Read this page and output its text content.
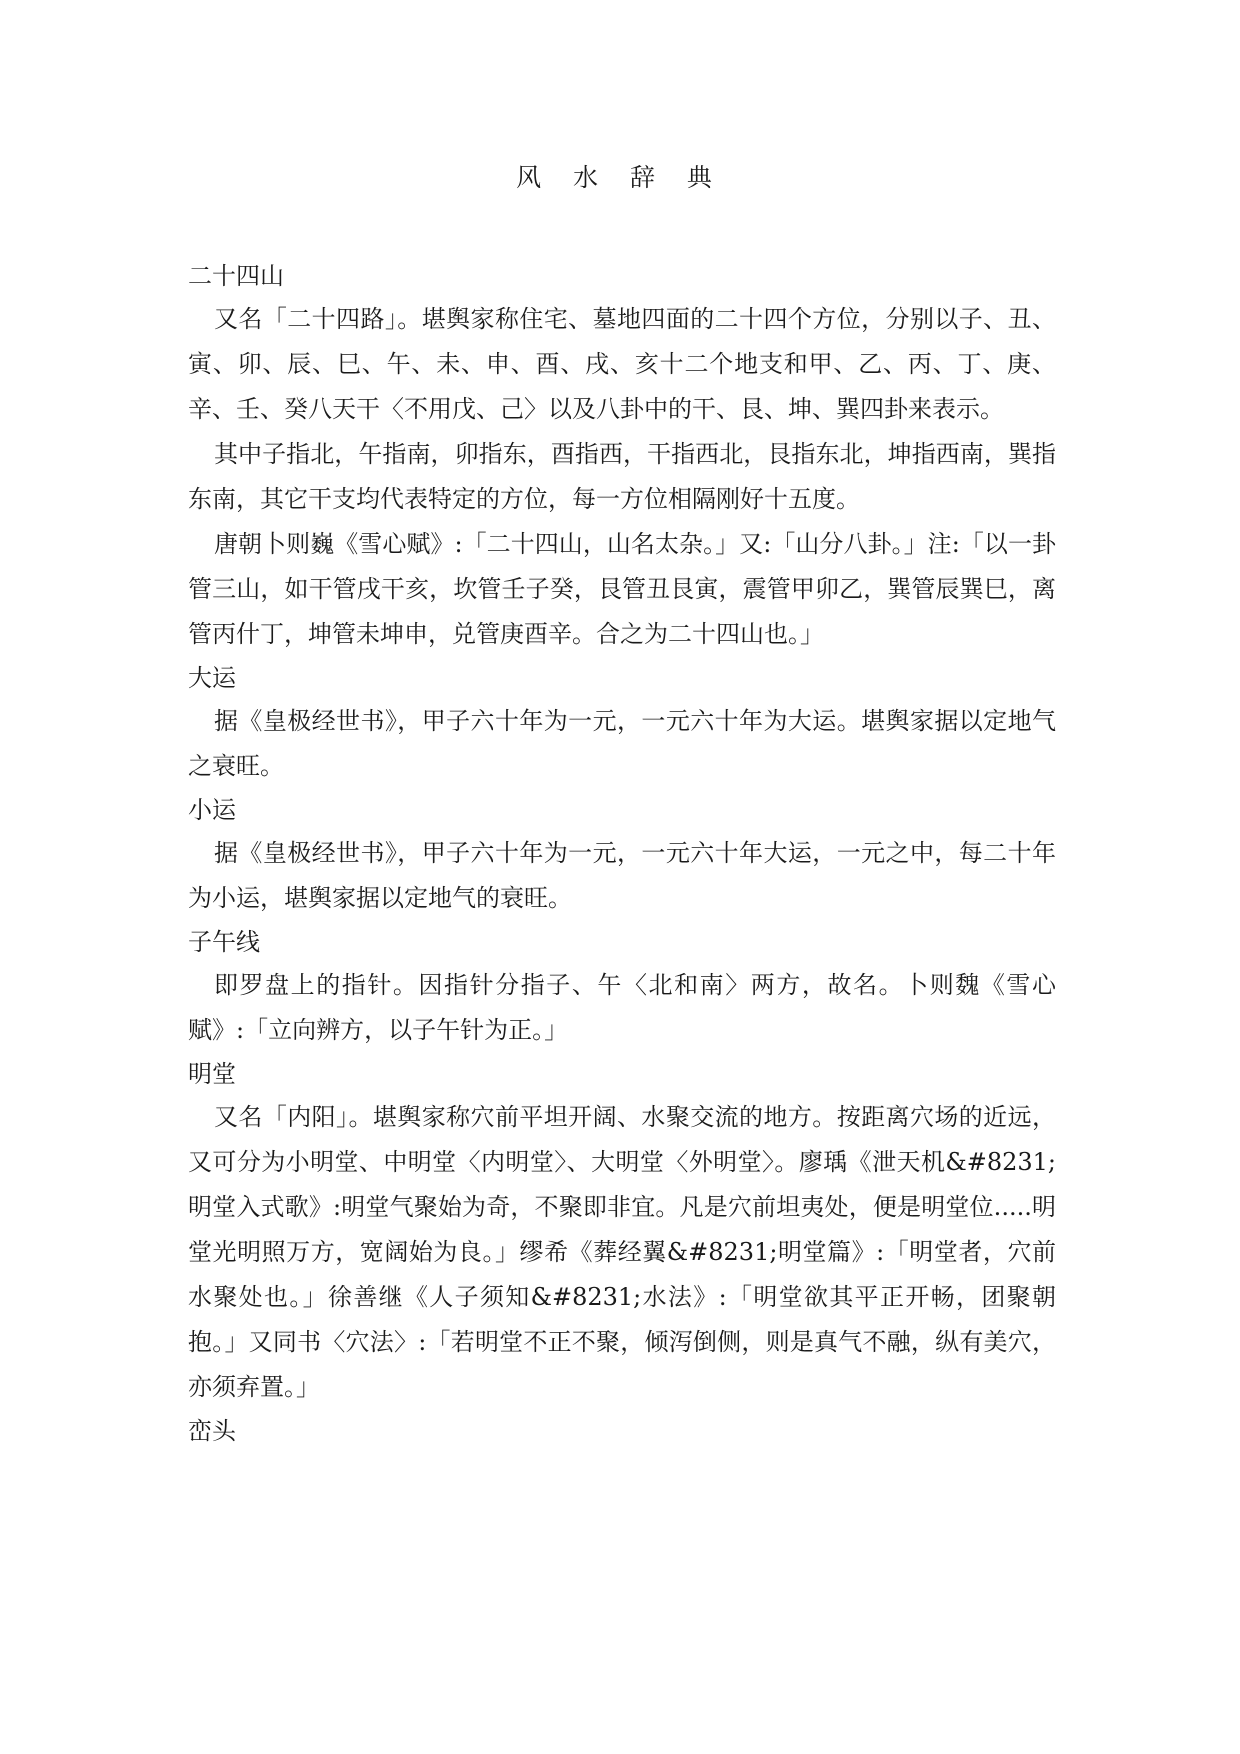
风 水 辞 典

二十四山

又名「二十四路」。堪舆家称住宅、墓地四面的二十四个方位，分别以子、丑、寅、卯、辰、巳、午、未、申、酉、戌、亥十二个地支和甲、乙、丙、丁、庚、辛、壬、癸八天干〈不用戊、己〉以及八卦中的干、艮、坤、巽四卦来表示。

其中子指北，午指南，卯指东，酉指西，干指西北，艮指东北，坤指西南，巽指东南，其它干支均代表特定的方位，每一方位相隔刚好十五度。

唐朝卜则巍《雪心赋》:「二十四山，山名太杂。」又:「山分八卦。」注:「以一卦管三山，如干管戌干亥，坎管壬子癸，艮管丑艮寅，震管甲卯乙，巽管辰巽巳，离管丙什丁，坤管未坤申，兑管庚酉辛。合之为二十四山也。」

大运

据《皇极经世书》，甲子六十年为一元，一元六十年为大运。堪舆家据以定地气之衰旺。

小运

据《皇极经世书》，甲子六十年为一元，一元六十年大运，一元之中，每二十年为小运，堪舆家据以定地气的衰旺。

子午线

即罗盘上的指针。因指针分指子、午〈北和南〉两方，故名。卜则魏《雪心赋》:「立向辨方，以子午针为正。」

明堂

又名「内阳」。堪舆家称穴前平坦开阔、水聚交流的地方。按距离穴场的近远，又可分为小明堂、中明堂〈内明堂〉、大明堂〈外明堂〉。廖瑀《泄天机&#8231;明堂入式歌》:明堂气聚始为奇，不聚即非宜。凡是穴前坦夷处，便是明堂位.....明堂光明照万方，宽阔始为良。」缪希《葬经翼&#8231;明堂篇》:「明堂者，穴前水聚处也。」徐善继《人子须知&#8231;水法》:「明堂欲其平正开畅，团聚朝抱。」又同书〈穴法〉:「若明堂不正不聚，倾泻倒侧，则是真气不融，纵有美穴，亦须弃置。」

峦头
